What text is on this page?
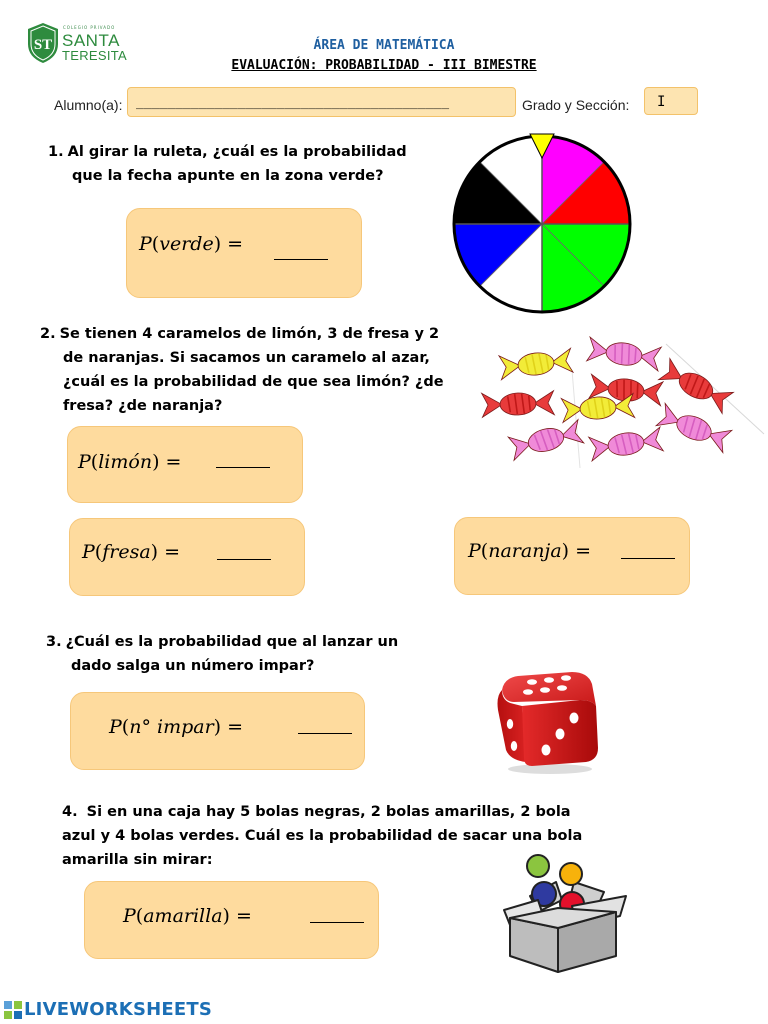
ST
COLEGIO PRIVADO
SANTA
TERESITA
ÁREA DE MATEMÁTICA
EVALUACIÓN: PROBABILIDAD - III BIMESTRE
Alumno(a):	________________________________________	Grado y Sección:	I
1. Al girar la ruleta, ¿cuál es la probabilidad
que la fecha apunte en la zona verde?
P(verde) =
2. Se tienen 4 caramelos de limón, 3 de fresa y 2
de naranjas. Si sacamos un caramelo al azar,
¿cuál es la probabilidad de que sea limón? ¿de
fresa? ¿de naranja?
P(limón) =
P(fresa) =	P(naranja) =
3. ¿Cuál es la probabilidad que al lanzar un
dado salga un número impar?
P(n° impar) =
4. Si en una caja hay 5 bolas negras, 2 bolas amarillas, 2 bola
azul y 4 bolas verdes. Cuál es la probabilidad de sacar una bola
amarilla sin mirar:
P(amarilla) =
LIVEWORKSHEETS
